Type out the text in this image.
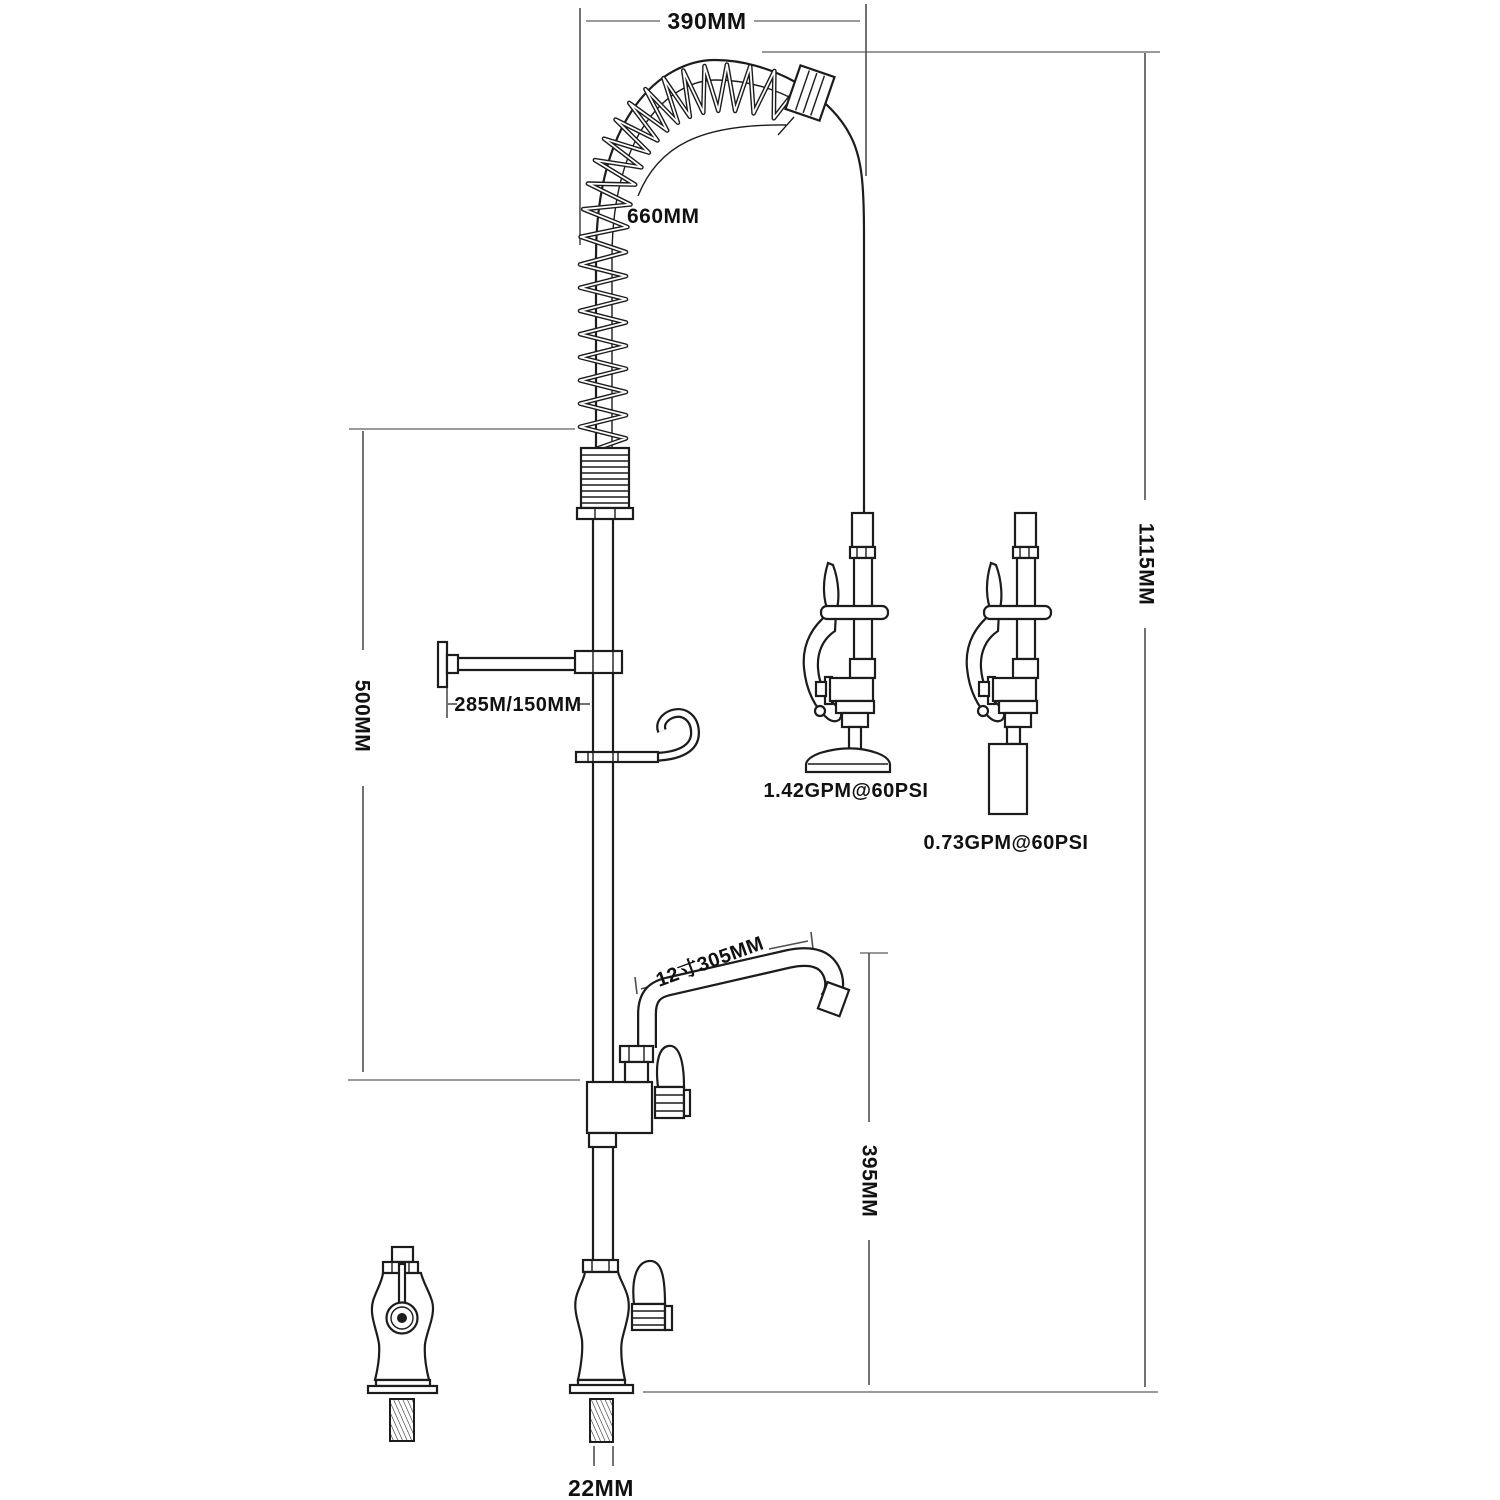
390MM
660MM
1115MM
285M/150MM
500MM
1.42GPM@60PSI
0.73GPM@60PSI
12寸305MM
395MM
22MM
